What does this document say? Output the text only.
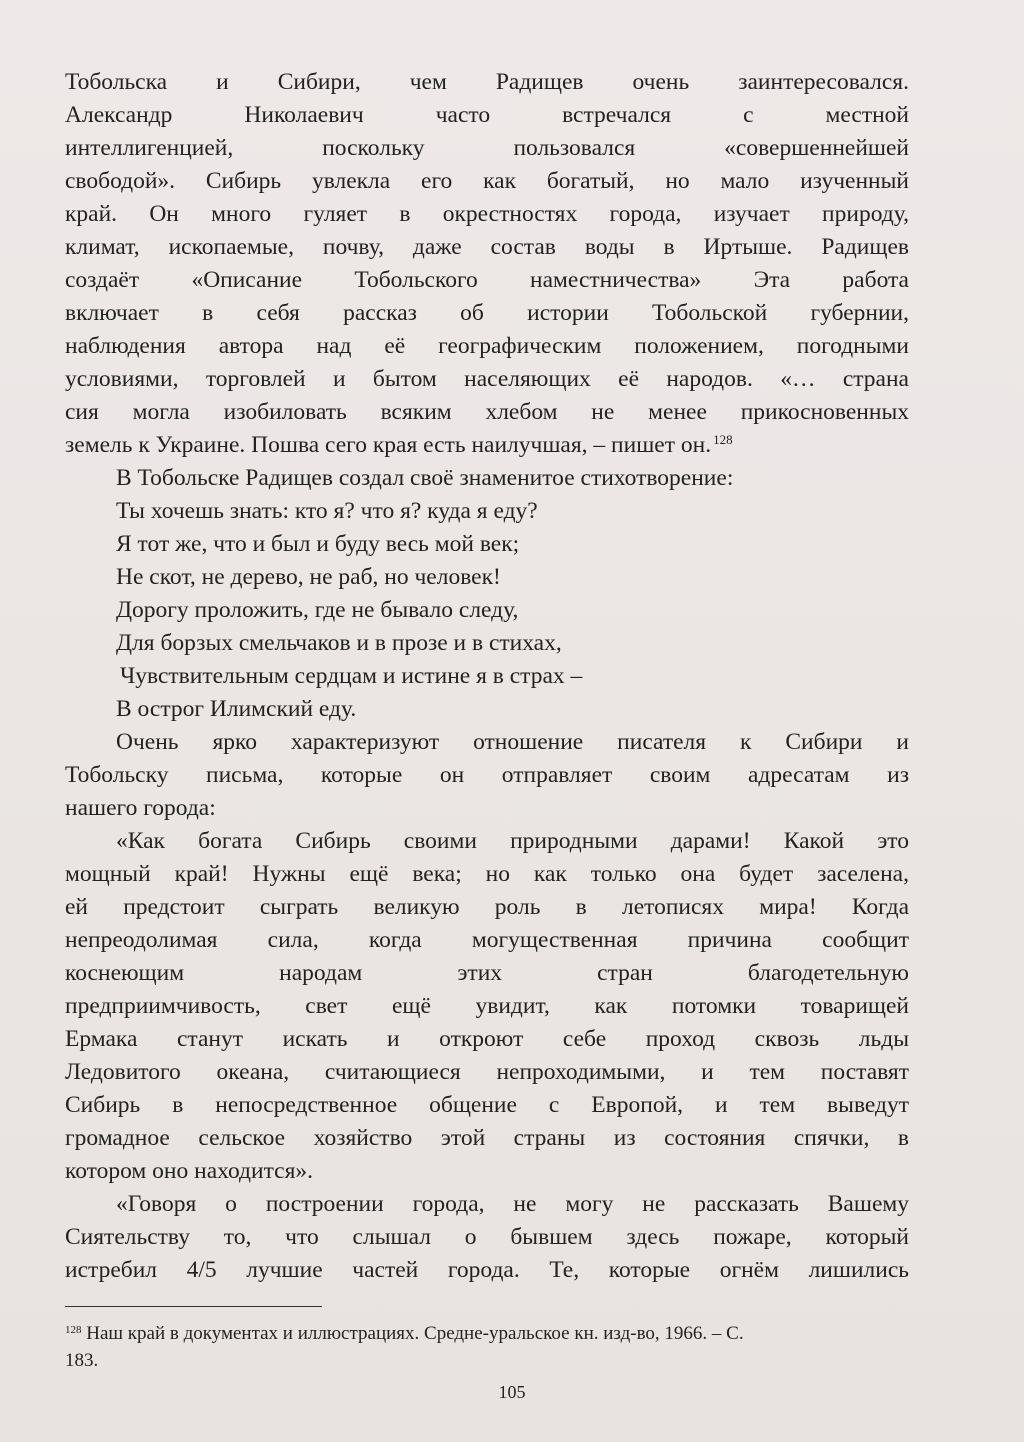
Тобольска и Сибири, чем Радищев очень заинтересовался.
Александр Николаевич часто встречался с местной
интеллигенцией, поскольку пользовался «совершеннейшей
свободой». Сибирь увлекла его как богатый, но мало изученный
край. Он много гуляет в окрестностях города, изучает природу,
климат, ископаемые, почву, даже состав воды в Иртыше. Радищев
создаёт «Описание Тобольского наместничества» Эта работа
включает в себя рассказ об истории Тобольской губернии,
наблюдения автора над её географическим положением, погодными
условиями, торговлей и бытом населяющих её народов. «… страна
сия могла изобиловать всяким хлебом не менее прикосновенных
земель к Украине. Пошва сего края есть наилучшая, – пишет он. $^{128}$
В Тобольске Радищев создал своё знаменитое стихотворение:
Ты хочешь знать: кто я? что я? куда я еду?
Я тот же, что и был и буду весь мой век;
Не скот, не дерево, не раб, но человек!
Дорогу проложить, где не бывало следу,
Для борзых смельчаков и в прозе и в стихах,
Чувствительным сердцам и истине я в страх –
В острог Илимский еду.
Очень ярко характеризуют отношение писателя к Сибири и
Тобольску письма, которые он отправляет своим адресатам из
нашего города:
«Как богата Сибирь своими природными дарами! Какой это
мощный край! Нужны ещё века; но как только она будет заселена,
ей предстоит сыграть великую роль в летописях мира! Когда
непреодолимая сила, когда могущественная причина сообщит
коснеющим народам этих стран благодетельную
предприимчивость, свет ещё увидит, как потомки товарищей
Ермака станут искать и откроют себе проход сквозь льды
Ледовитого океана, считающиеся непроходимыми, и тем поставят
Сибирь в непосредственное общение с Европой, и тем выведут
громадное сельское хозяйство этой страны из состояния спячки, в
котором оно находится».
«Говоря о построении города, не могу не рассказать Вашему
Сиятельству то, что слышал о бывшем здесь пожаре, который
истребил 4/5 лучшие частей города. Те, которые огнём лишились
$^{128}$ Наш край в документах и иллюстрациях. Средне-уральское кн. изд-во, 1966. – С.
183.
105
